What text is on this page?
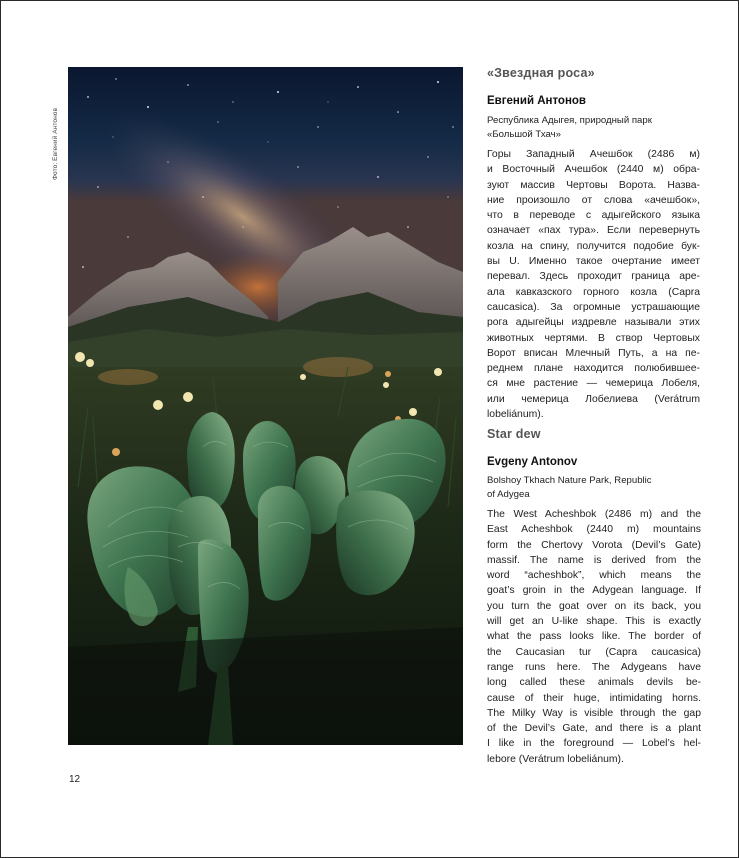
Фото: Евгений Антонов
«Звездная роса»
Евгений Антонов
Республика Адыгея, природный парк
«Большой Тхач»
Горы Западный Ачешбок (2486 м)
и Восточный Ачешбок (2440 м) обра-
зуют массив Чертовы Ворота. Назва-
ние произошло от слова «ачешбок»,
что в переводе с адыгейского языка
означает «пах тура». Если перевернуть
козла на спину, получится подобие бук-
вы U. Именно такое очертание имеет
перевал. Здесь проходит граница аре-
ала кавказского горного козла (Capra
caucasica). За огромные устрашающие
рога адыгейцы издревле называли этих
животных чертями. В створ Чертовых
Ворот вписан Млечный Путь, а на пе-
реднем плане находится полюбившее-
ся мне растение — чемерица Лобеля,
или чемерица Лобелиева (Verátrum
lobeliánum).
Star dew
Evgeny Antonov
Bolshoy Tkhach Nature Park, Republic
of Adygea
The West Acheshbok (2486 m) and the
East Acheshbok (2440 m) mountains
form the Chertovy Vorota (Devil’s Gate)
massif. The name is derived from the
word “acheshbok”, which means the
goat’s groin in the Adygean language. If
you turn the goat over on its back, you
will get an U-like shape. This is exactly
what the pass looks like. The border of
the Caucasian tur (Capra caucasica)
range runs here. The Adygeans have
long called these animals devils be-
cause of their huge, intimidating horns.
The Milky Way is visible through the gap
of the Devil’s Gate, and there is a plant
I like in the foreground — Lobel’s hel-
lebore (Verátrum lobeliánum).
12
